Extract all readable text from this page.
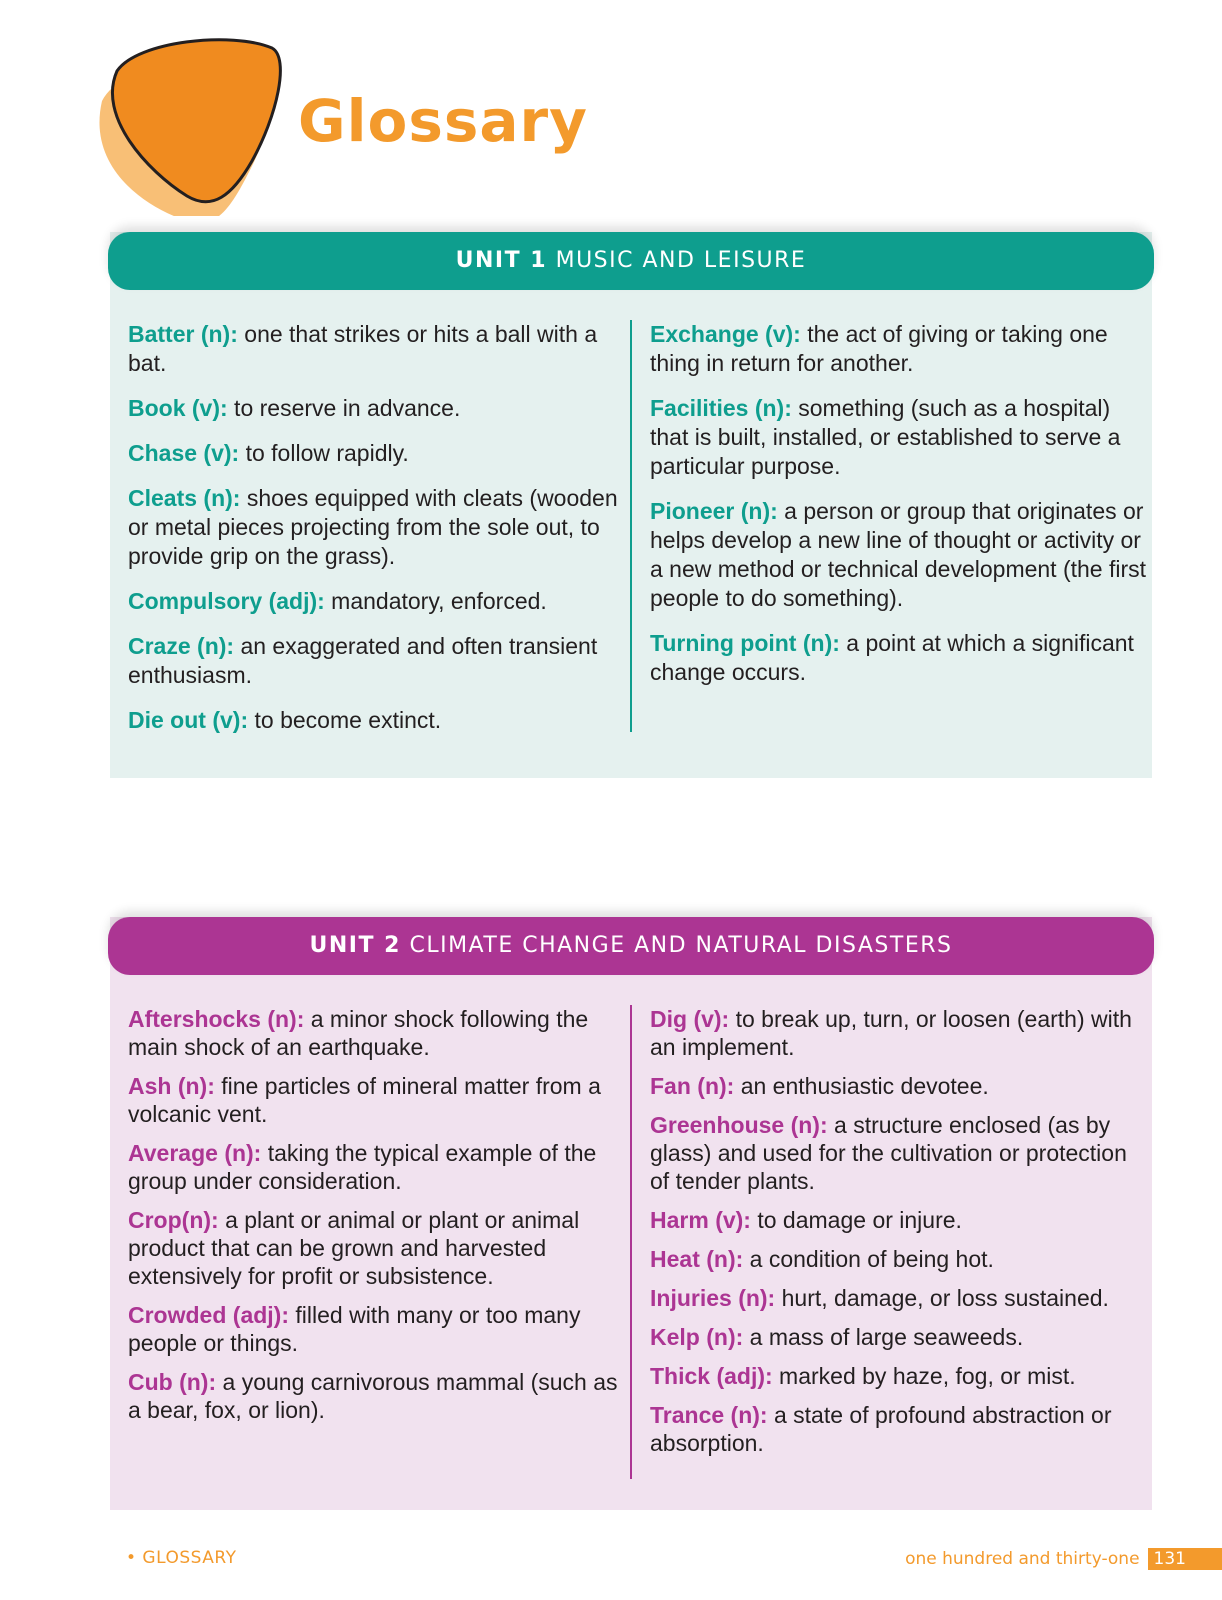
Glossary
UNIT 1 MUSIC AND LEISURE

Batter (n): one that strikes or hits a ball with a bat.

Book (v): to reserve in advance.

Chase (v): to follow rapidly.

Cleats (n): shoes equipped with cleats (wooden or metal pieces projecting from the sole out, to provide grip on the grass).

Compulsory (adj): mandatory, enforced.

Craze (n): an exaggerated and often transient enthusiasm.

Die out (v): to become extinct.

Exchange (v): the act of giving or taking one thing in return for another.

Facilities (n): something (such as a hospital) that is built, installed, or established to serve a particular purpose.

Pioneer (n): a person or group that originates or helps develop a new line of thought or activity or a new method or technical development (the first people to do something).

Turning point (n): a point at which a significant change occurs.

UNIT 2 CLIMATE CHANGE AND NATURAL DISASTERS

Aftershocks (n): a minor shock following the main shock of an earthquake.

Ash (n): fine particles of mineral matter from a volcanic vent.

Average (n): taking the typical example of the group under consideration.

Crop(n): a plant or animal or plant or animal product that can be grown and harvested extensively for profit or subsistence.

Crowded (adj): filled with many or too many people or things.

Cub (n): a young carnivorous mammal (such as a bear, fox, or lion).

Dig (v): to break up, turn, or loosen (earth) with an implement.

Fan (n): an enthusiastic devotee.

Greenhouse (n): a structure enclosed (as by glass) and used for the cultivation or protection of tender plants.

Harm (v): to damage or injure.

Heat (n): a condition of being hot.

Injuries (n): hurt, damage, or loss sustained.

Kelp (n): a mass of large seaweeds.

Thick (adj): marked by haze, fog, or mist.

Trance (n): a state of profound abstraction or absorption.

• GLOSSARY	one hundred and thirty-one 131
